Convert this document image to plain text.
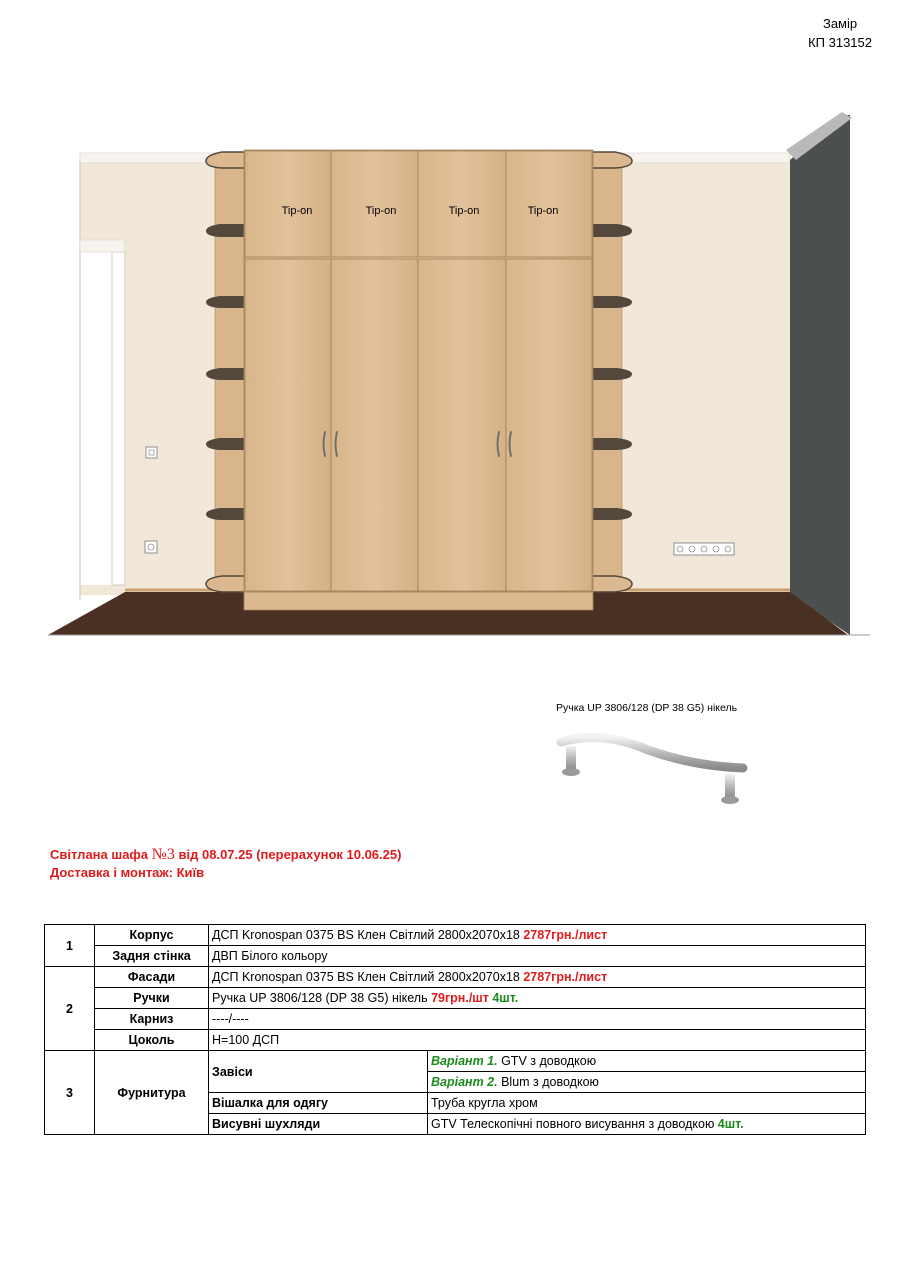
Замір
КП 313152
Tip-on	Tip-on	Tip-on	Tip-on
Ручка UP 3806/128 (DP 38 G5) нікель
Світлана шафа №3 від 08.07.25 (перерахунок 10.06.25)
Доставка і монтаж: Київ
1	Корпус	ДСП Kronospan 0375 BS Клен Світлий 2800х2070х18 2787грн./лист	
	Задня стінка	ДВП Білого кольору	
2	Фасади	ДСП Kronospan 0375 BS Клен Світлий 2800х2070х18 2787грн./лист	
	Ручки	Ручка UP 3806/128 (DP 38 G5) нікель 79грн./шт 4шт.	
	Карниз	----/----	
	Цоколь	Н=100 ДСП	
3	Фурнитура	Завіси	Варіант 1. GTV з доводкою
			Варіант 2. Blum з доводкою
		Вішалка для одягу	Труба кругла хром
		Висувні шухляди	GTV Телескопічні повного висування з доводкою 4шт.
